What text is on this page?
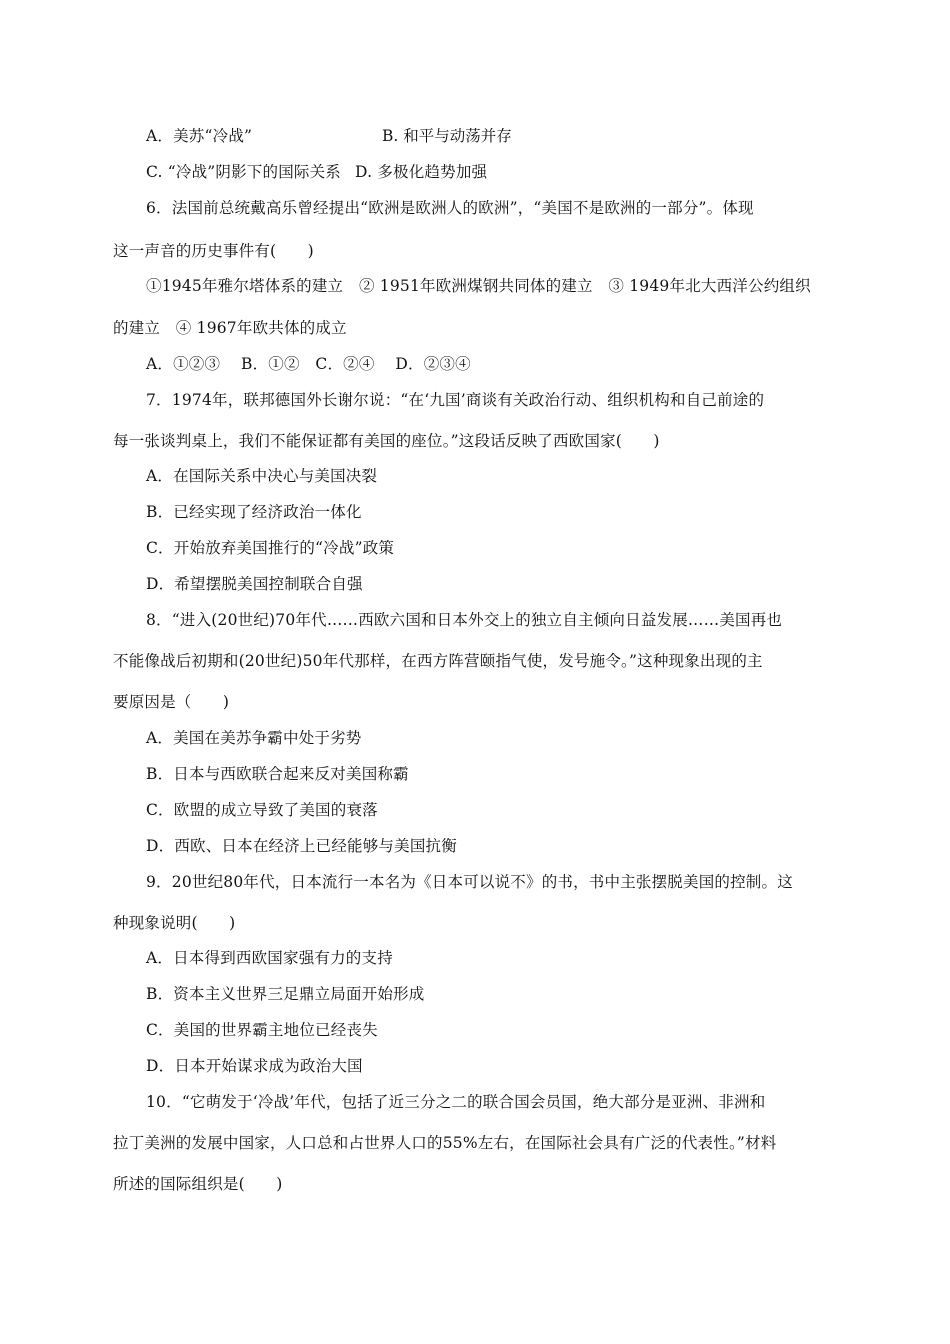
A．美苏“冷战”	B. 和平与动荡并存
C. “冷战”阴影下的国际关系 D. 多极化趋势加强
6．法国前总统戴高乐曾经提出“欧洲是欧洲人的欧洲”，“美国不是欧洲的一部分”。体现
这一声音的历史事件有(　　)
①1945年雅尔塔体系的建立　② 1951年欧洲煤钢共同体的建立　③ 1949年北大西洋公约组织
的建立　④ 1967年欧共体的成立
A．①②③　 B．①②　C．②④　 D．②③④
7．1974年，联邦德国外长谢尔说：“在‘九国’商谈有关政治行动、组织机构和自己前途的
每一张谈判桌上，我们不能保证都有美国的座位。”这段话反映了西欧国家(　　)
A．在国际关系中决心与美国决裂
B．已经实现了经济政治一体化
C．开始放弃美国推行的“冷战”政策
D．希望摆脱美国控制联合自强
8．“进入(20世纪)70年代……西欧六国和日本外交上的独立自主倾向日益发展……美国再也
不能像战后初期和(20世纪)50年代那样，在西方阵营颐指气使，发号施令。”这种现象出现的主
要原因是（　　)
A．美国在美苏争霸中处于劣势
B．日本与西欧联合起来反对美国称霸
C．欧盟的成立导致了美国的衰落
D．西欧、日本在经济上已经能够与美国抗衡
9．20世纪80年代，日本流行一本名为《日本可以说不》的书，书中主张摆脱美国的控制。这
种现象说明(　　)
A．日本得到西欧国家强有力的支持
B．资本主义世界三足鼎立局面开始形成
C．美国的世界霸主地位已经丧失
D．日本开始谋求成为政治大国
10．“它萌发于‘冷战’年代，包括了近三分之二的联合国会员国，绝大部分是亚洲、非洲和
拉丁美洲的发展中国家，人口总和占世界人口的55%左右，在国际社会具有广泛的代表性。”材料
所述的国际组织是(　　)
